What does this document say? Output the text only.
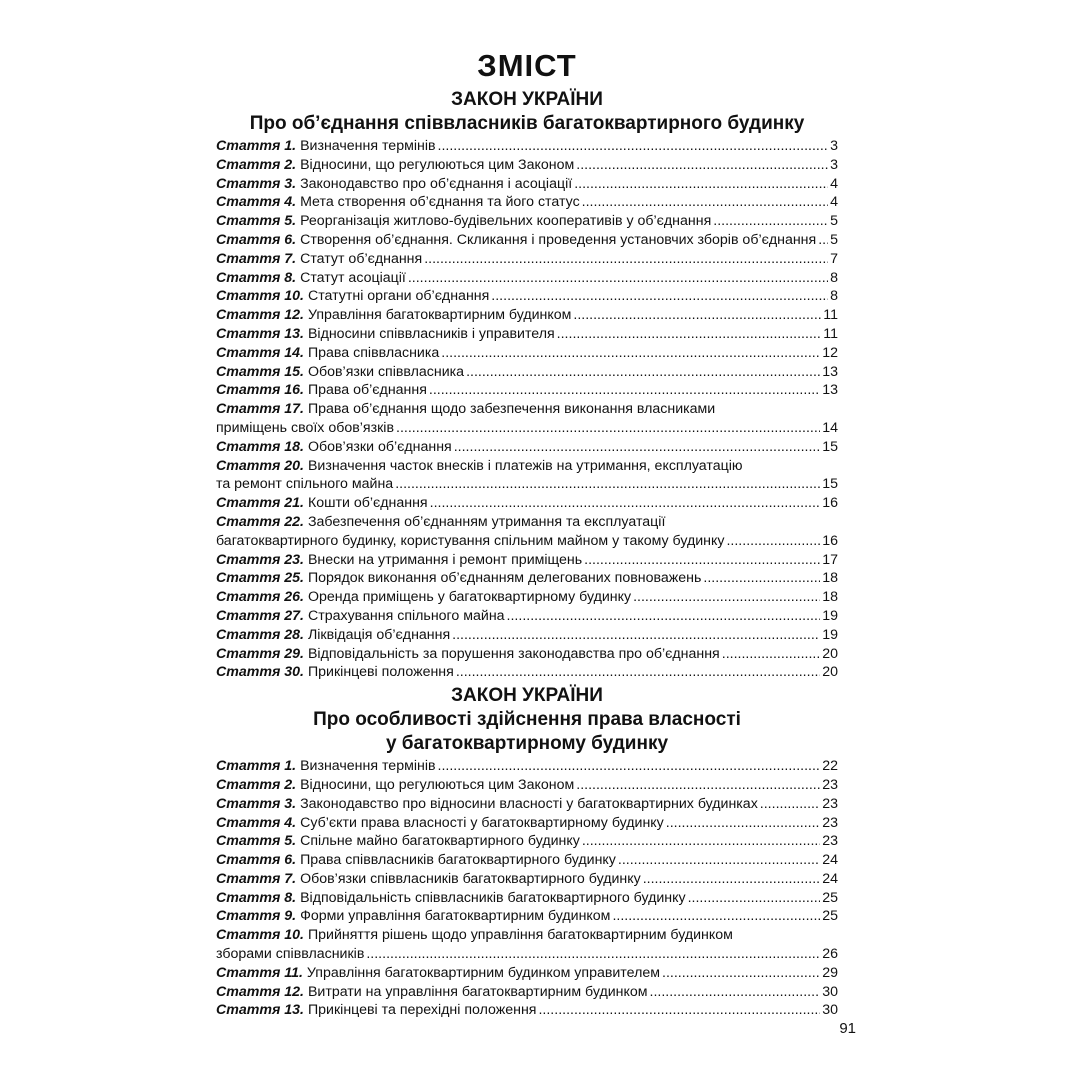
ЗМІСТ
ЗАКОН УКРАЇНИ
Про об’єднання співвласників багатоквартирного будинку
Стаття 1. Визначення термінів .....	3
Стаття 2. Відносини, що регулюються цим Законом .....	3
Стаття 3. Законодавство про об’єднання і асоціації .....	4
Стаття 4. Мета створення об’єднання та його статус .....	4
Стаття 5. Реорганізація житлово-будівельних кооперативів у об’єднання .....	5
Стаття 6. Створення об’єднання. Скликання і проведення установчих зборів об’єднання ..... 5
Стаття 7. Статут об’єднання .....	7
Стаття 8. Статут асоціації .....	8
Стаття 10. Статутні органи об’єднання .....	8
Стаття 12. Управління багатоквартирним будинком .....	11
Стаття 13. Відносини співвласників і управителя .....	11
Стаття 14. Права співвласника .....	12
Стаття 15. Обов’язки співвласника .....	13
Стаття 16. Права об’єднання .....	13
Стаття 17. Права об’єднання щодо забезпечення виконання власниками
приміщень своїх обов’язків .....	14
Стаття 18. Обов’язки об’єднання .....	15
Стаття 20. Визначення часток внесків і платежів на утримання, експлуатацію
та ремонт спільного майна .....	15
Стаття 21. Кошти об’єднання .....	16
Стаття 22. Забезпечення об’єднанням утримання та експлуатації
багатоквартирного будинку, користування спільним майном у такому будинку .....	16
Стаття 23. Внески на утримання і ремонт приміщень .....	17
Стаття 25. Порядок виконання об’єднанням делегованих повноважень .....	18
Стаття 26. Оренда приміщень у багатоквартирному будинку .....	18
Стаття 27. Страхування спільного майна .....	19
Стаття 28. Ліквідація об’єднання .....	19
Стаття 29. Відповідальність за порушення законодавства про об’єднання .....	20
Стаття 30. Прикінцеві положення .....	20
ЗАКОН УКРАЇНИ
Про особливості здійснення права власності
у багатоквартирному будинку
Стаття 1. Визначення термінів .....	22
Стаття 2. Відносини, що регулюються цим Законом .....	23
Стаття 3. Законодавство про відносини власності у багатоквартирних будинках .....	23
Стаття 4. Суб’єкти права власності у багатоквартирному будинку .....	23
Стаття 5. Спільне майно багатоквартирного будинку .....	23
Стаття 6. Права співвласників багатоквартирного будинку .....	24
Стаття 7. Обов’язки співвласників багатоквартирного будинку .....	24
Стаття 8. Відповідальність співвласників багатоквартирного будинку .....	25
Стаття 9. Форми управління багатоквартирним будинком .....	25
Стаття 10. Прийняття рішень щодо управління багатоквартирним будинком
зборами співвласників .....	26
Стаття 11. Управління багатоквартирним будинком управителем .....	29
Стаття 12. Витрати на управління багатоквартирним будинком .....	30
Стаття 13. Прикінцеві та перехідні положення .....	30
91
